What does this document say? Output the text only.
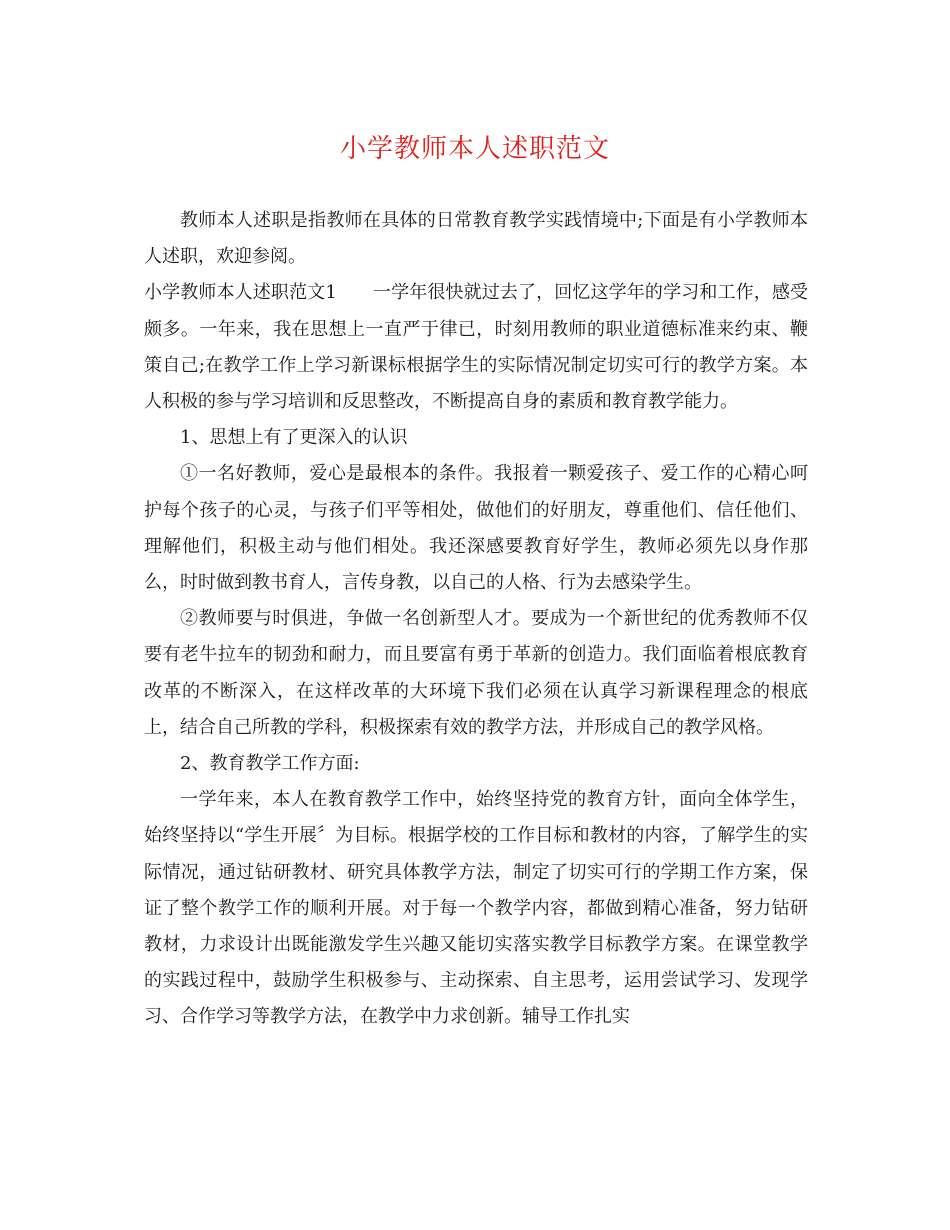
小学教师本人述职范文

教师本人述职是指教师在具体的日常教育教学实践情境中;下面是有小学教师本人述职，欢迎参阅。

小学教师本人述职范文1 一学年很快就过去了，回忆这学年的学习和工作，感受颇多。一年来，我在思想上一直严于律已，时刻用教师的职业道德标准来约束、鞭策自己;在教学工作上学习新课标根据学生的实际情况制定切实可行的教学方案。本人积极的参与学习培训和反思整改，不断提高自身的素质和教育教学能力。

1、思想上有了更深入的认识

①一名好教师，爱心是最根本的条件。我报着一颗爱孩子、爱工作的心精心呵护每个孩子的心灵，与孩子们平等相处，做他们的好朋友，尊重他们、信任他们、理解他们，积极主动与他们相处。我还深感要教育好学生，教师必须先以身作那么，时时做到教书育人，言传身教，以自己的人格、行为去感染学生。

②教师要与时俱进，争做一名创新型人才。要成为一个新世纪的优秀教师不仅要有老牛拉车的韧劲和耐力，而且要富有勇于革新的创造力。我们面临着根底教育改革的不断深入，在这样改革的大环境下我们必须在认真学习新课程理念的根底上，结合自己所教的学科，积极探索有效的教学方法，并形成自己的教学风格。

2、教育教学工作方面:

一学年来，本人在教育教学工作中，始终坚持党的教育方针，面向全体学生，始终坚持以“学生开展〞为目标。根据学校的工作目标和教材的内容，了解学生的实际情况，通过钻研教材、研究具体教学方法，制定了切实可行的学期工作方案，保证了整个教学工作的顺利开展。对于每一个教学内容，都做到精心准备，努力钻研教材，力求设计出既能激发学生兴趣又能切实落实教学目标教学方案。在课堂教学的实践过程中，鼓励学生积极参与、主动探索、自主思考，运用尝试学习、发现学习、合作学习等教学方法，在教学中力求创新。辅导工作扎实
